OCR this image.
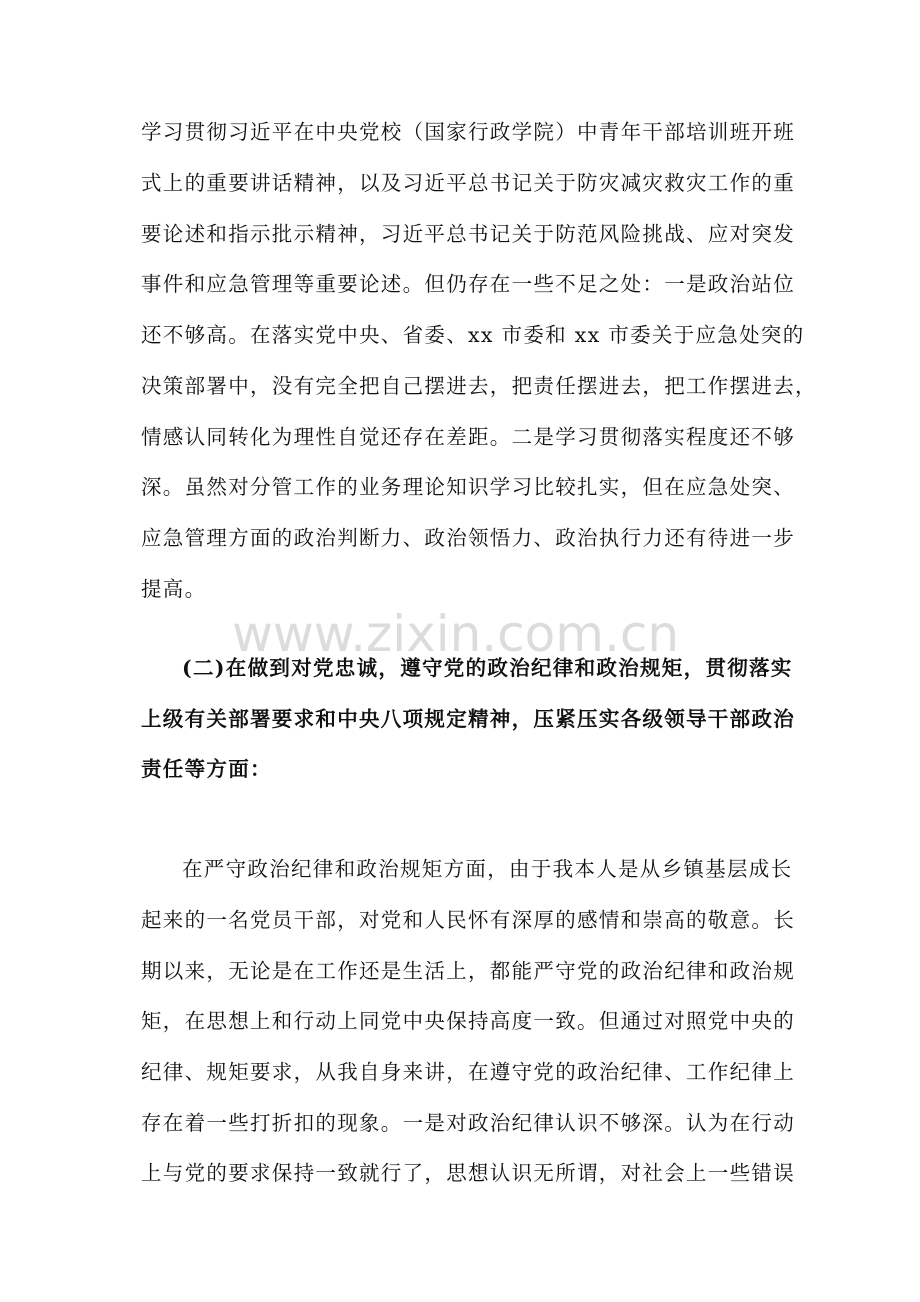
学习贯彻习近平在中央党校（国家行政学院）中青年干部培训班开班
式上的重要讲话精神，以及习近平总书记关于防灾减灾救灾工作的重
要论述和指示批示精神，习近平总书记关于防范风险挑战、应对突发
事件和应急管理等重要论述。但仍存在一些不足之处：一是政治站位
还不够高。在落实党中央、省委、xx 市委和 xx 市委关于应急处突的
决策部署中，没有完全把自己摆进去，把责任摆进去，把工作摆进去，
情感认同转化为理性自觉还存在差距。二是学习贯彻落实程度还不够
深。虽然对分管工作的业务理论知识学习比较扎实，但在应急处突、
应急管理方面的政治判断力、政治领悟力、政治执行力还有待进一步
提高。
www.zixin.com.cn
(二)在做到对党忠诚，遵守党的政治纪律和政治规矩，贯彻落实
上级有关部署要求和中央八项规定精神，压紧压实各级领导干部政治
责任等方面：
在严守政治纪律和政治规矩方面，由于我本人是从乡镇基层成长
起来的一名党员干部，对党和人民怀有深厚的感情和崇高的敬意。长
期以来，无论是在工作还是生活上，都能严守党的政治纪律和政治规
矩，在思想上和行动上同党中央保持高度一致。但通过对照党中央的
纪律、规矩要求，从我自身来讲，在遵守党的政治纪律、工作纪律上
存在着一些打折扣的现象。一是对政治纪律认识不够深。认为在行动
上与党的要求保持一致就行了，思想认识无所谓，对社会上一些错误
